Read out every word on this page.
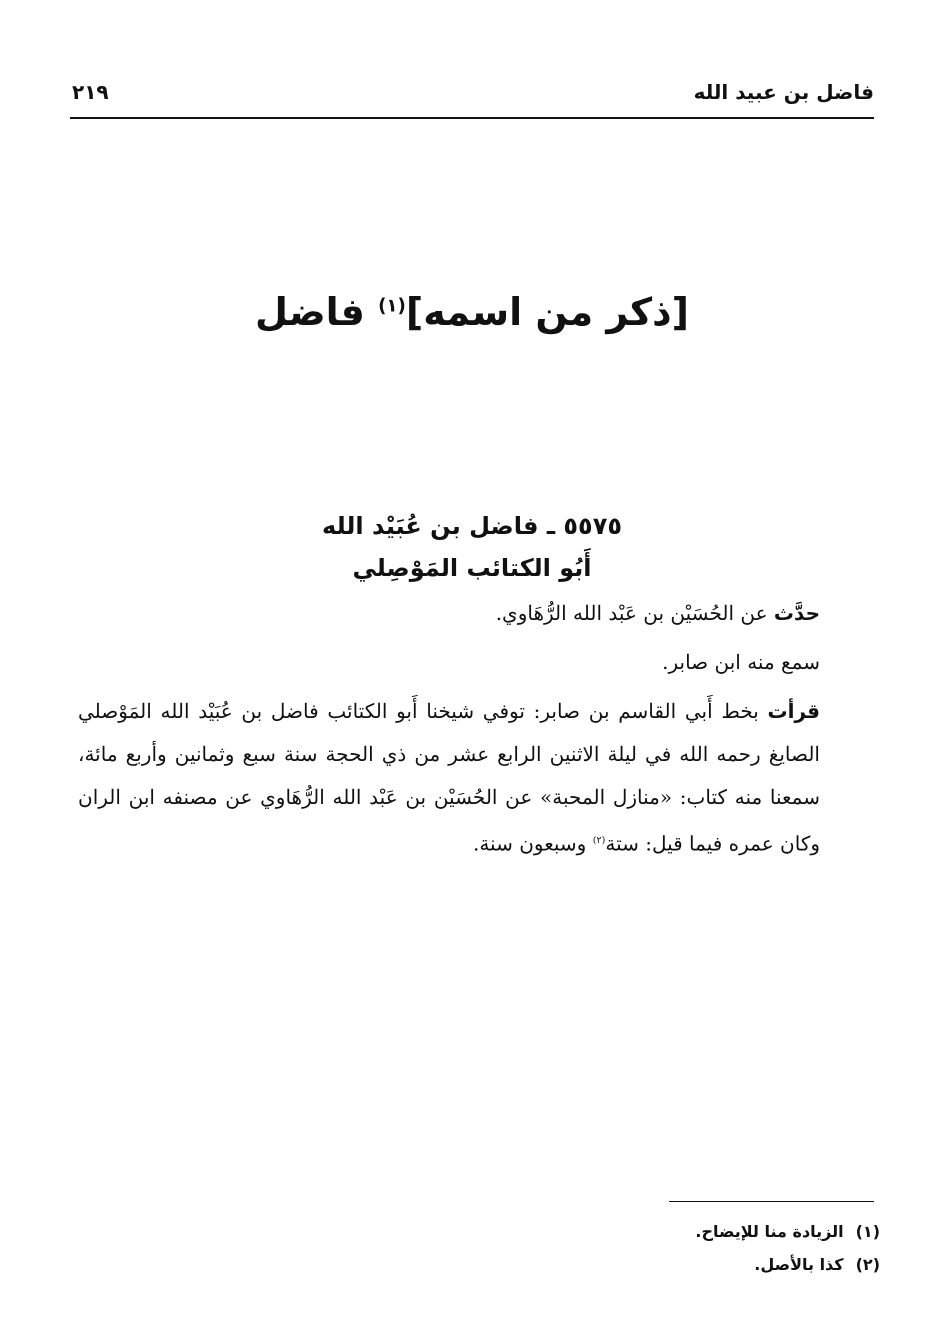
فاضل بن عبيد الله
٢١٩
[ذكر من اسمه]$^{(١)}$ فاضل
٥٥٧٥ ـ فاضل بن عُبَيْد الله
أَبُو الكتائب المَوْصِلي

حدَّث عن الحُسَيْن بن عَبْد الله الرُّهَاوي.

سمع منه ابن صابر.

قرأت بخط أَبي القاسم بن صابر: توفي شيخنا أَبو الكتائب فاضل بن عُبَيْد الله المَوْصلي الصايغ رحمه الله في ليلة الاثنين الرابع عشر من ذي الحجة سنة سبع وثمانين وأربع مائة، سمعنا منه كتاب: «منازل المحبة» عن الحُسَيْن بن عَبْد الله الرُّهَاوي عن مصنفه ابن الران وكان عمره فيما قيل: ستة$^{(٢)}$ وسبعون سنة.

(١)الزيادة منا للإيضاح.
(٢)كذا بالأصل.
